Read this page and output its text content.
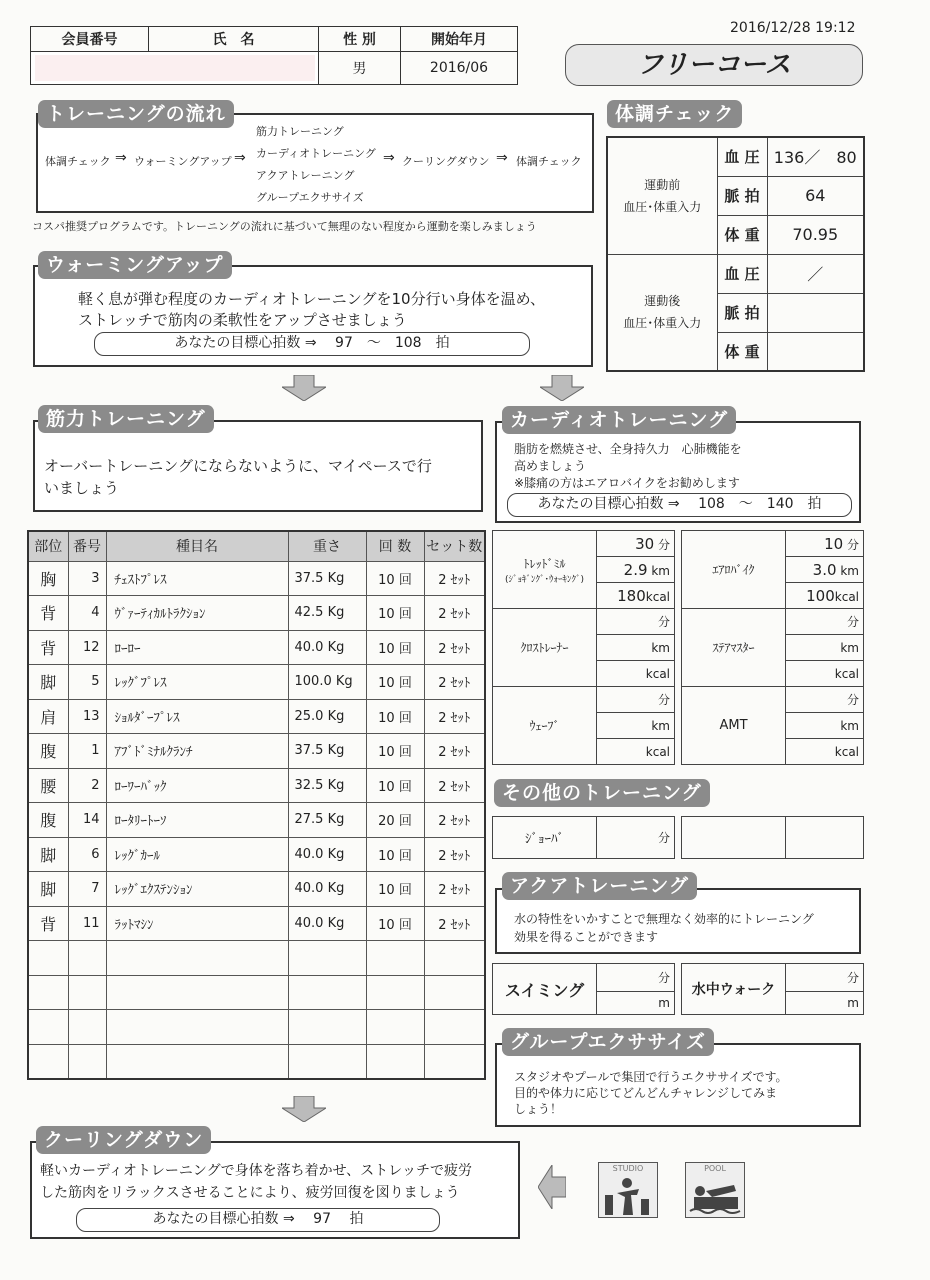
2016/12/28 19:12
フリーコース
会員番号	氏　名	性 別	開始年月

		男	2016/06
トレーニングの流れ
体調チェック ⇒ ウォーミングアップ ⇒
筋力トレーニング
カーディオトレーニング
アクアトレーニング
グループエクササイズ
⇒ クーリングダウン ⇒ 体調チェック
コスパ推奨プログラムです。トレーニングの流れに基づいて無理のない程度から運動を楽しみましょう
体調チェック
運動前
血圧･体重入力	血 圧	136／　80
	脈 拍	64
	体 重	70.95

運動後
血圧･体重入力	血 圧	／
	脈 拍	
	体 重	
ウォーミングアップ
軽く息が弾む程度のカーディオトレーニングを10分行い身体を温め、
ストレッチで筋肉の柔軟性をアップさせましょう
あなたの目標心拍数 ⇒　 97　～　108　拍
筋力トレーニング
オーバートレーニングにならないように、マイペースで行
いましょう
部位	番号	種目名	重さ	回 数	セット数
胸	3	ﾁｪｽﾄﾌﾟﾚｽ	37.5 Kg	10 回	2 ｾｯﾄ
背	4	ｳﾞｧｰﾃｨｶﾙﾄﾗｸｼｮﾝ	42.5 Kg	10 回	2 ｾｯﾄ
背	12	ﾛｰﾛｰ	40.0 Kg	10 回	2 ｾｯﾄ
脚	5	ﾚｯｸﾞﾌﾟﾚｽ	100.0 Kg	10 回	2 ｾｯﾄ
肩	13	ｼｮﾙﾀﾞｰﾌﾟﾚｽ	25.0 Kg	10 回	2 ｾｯﾄ
腹	1	ｱﾌﾞﾄﾞﾐﾅﾙｸﾗﾝﾁ	37.5 Kg	10 回	2 ｾｯﾄ
腰	2	ﾛｰﾜｰﾊﾞｯｸ	32.5 Kg	10 回	2 ｾｯﾄ
腹	14	ﾛｰﾀﾘｰﾄｰｿ	27.5 Kg	20 回	2 ｾｯﾄ
脚	6	ﾚｯｸﾞｶｰﾙ	40.0 Kg	10 回	2 ｾｯﾄ
脚	7	ﾚｯｸﾞｴｸｽﾃﾝｼｮﾝ	40.0 Kg	10 回	2 ｾｯﾄ
背	11	ﾗｯﾄﾏｼﾝ	40.0 Kg	10 回	2 ｾｯﾄ

カーディオトレーニング
脂肪を燃焼させ、全身持久力　心肺機能を
高めましょう
※膝痛の方はエアロバイクをお勧めします
あなたの目標心拍数 ⇒　 108　～　140　拍
ﾄﾚｯﾄﾞﾐﾙ
(ｼﾞｮｷﾞﾝｸﾞ･ｳｫｰｷﾝｸﾞ)	30 分
	2.9 km
	180kcal
ｸﾛｽﾄﾚｰﾅｰ	分
	km
	kcal
ｳｪｰﾌﾞ	分
	km
	kcal
ｴｱﾛﾊﾞｲｸ	10 分
	3.0 km
	100kcal
ｽﾃｱﾏｽﾀｰ	分
	km
	kcal
AMT	分
	km
	kcal
その他のトレーニング
ｼﾞｮｰﾊﾞ	分

アクアトレーニング
水の特性をいかすことで無理なく効率的にトレーニング
効果を得ることができます
スイミング	分
m
水中ウォーク	分
m
グループエクササイズ
スタジオやプールで集団で行うエクササイズです。
目的や体力に応じてどんどんチャレンジしてみま
しょう！
クーリングダウン
軽いカーディオトレーニングで身体を落ち着かせ、ストレッチで疲労
した筋肉をリラックスさせることにより、疲労回復を図りましょう
あなたの目標心拍数 ⇒　 97　 拍
STUDIO	POOL
